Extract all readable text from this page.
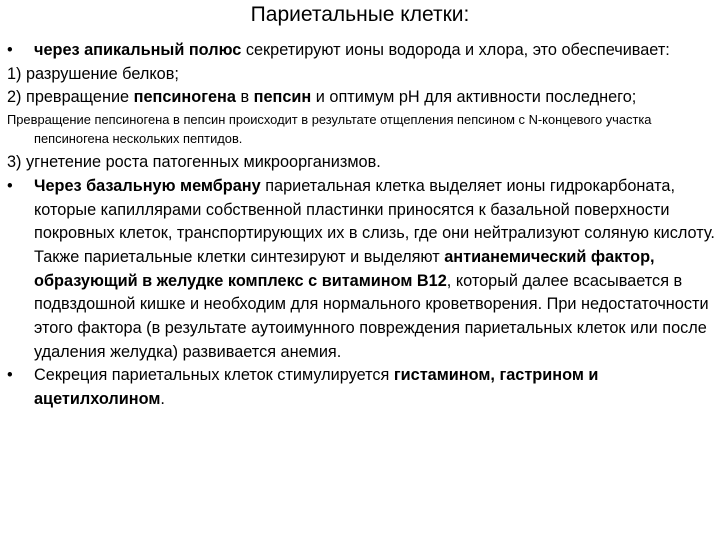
Париетальные клетки:

• через апикальный полюс секретируют ионы водорода и хлора, это обеспечивает:

1) разрушение белков;

2) превращение пепсиногена в пепсин и оптимум рН для активности последнего;

Превращение пепсиногена в пепсин происходит в результате отщепления пепсином с N-концевого участка пепсиногена нескольких пептидов.

3) угнетение роста патогенных микроорганизмов.

• Через базальную мембрану париетальная клетка выделяет ионы гидрокарбоната, которые капиллярами собственной пластинки приносятся к базальной поверхности покровных клеток, транспортирующих их в слизь, где они нейтрализуют соляную кислоту. Также париетальные клетки синтезируют и выделяют антианемический фактор, образующий в желудке комплекс с витамином В12, который далее всасывается в подвздошной кишке и необходим для нормального кроветворения. При недостаточности этого фактора (в результате аутоимунного повреждения париетальных клеток или после удаления желудка) развивается анемия.

• Секреция париетальных клеток стимулируется гистамином, гастрином и ацетилхолином.
